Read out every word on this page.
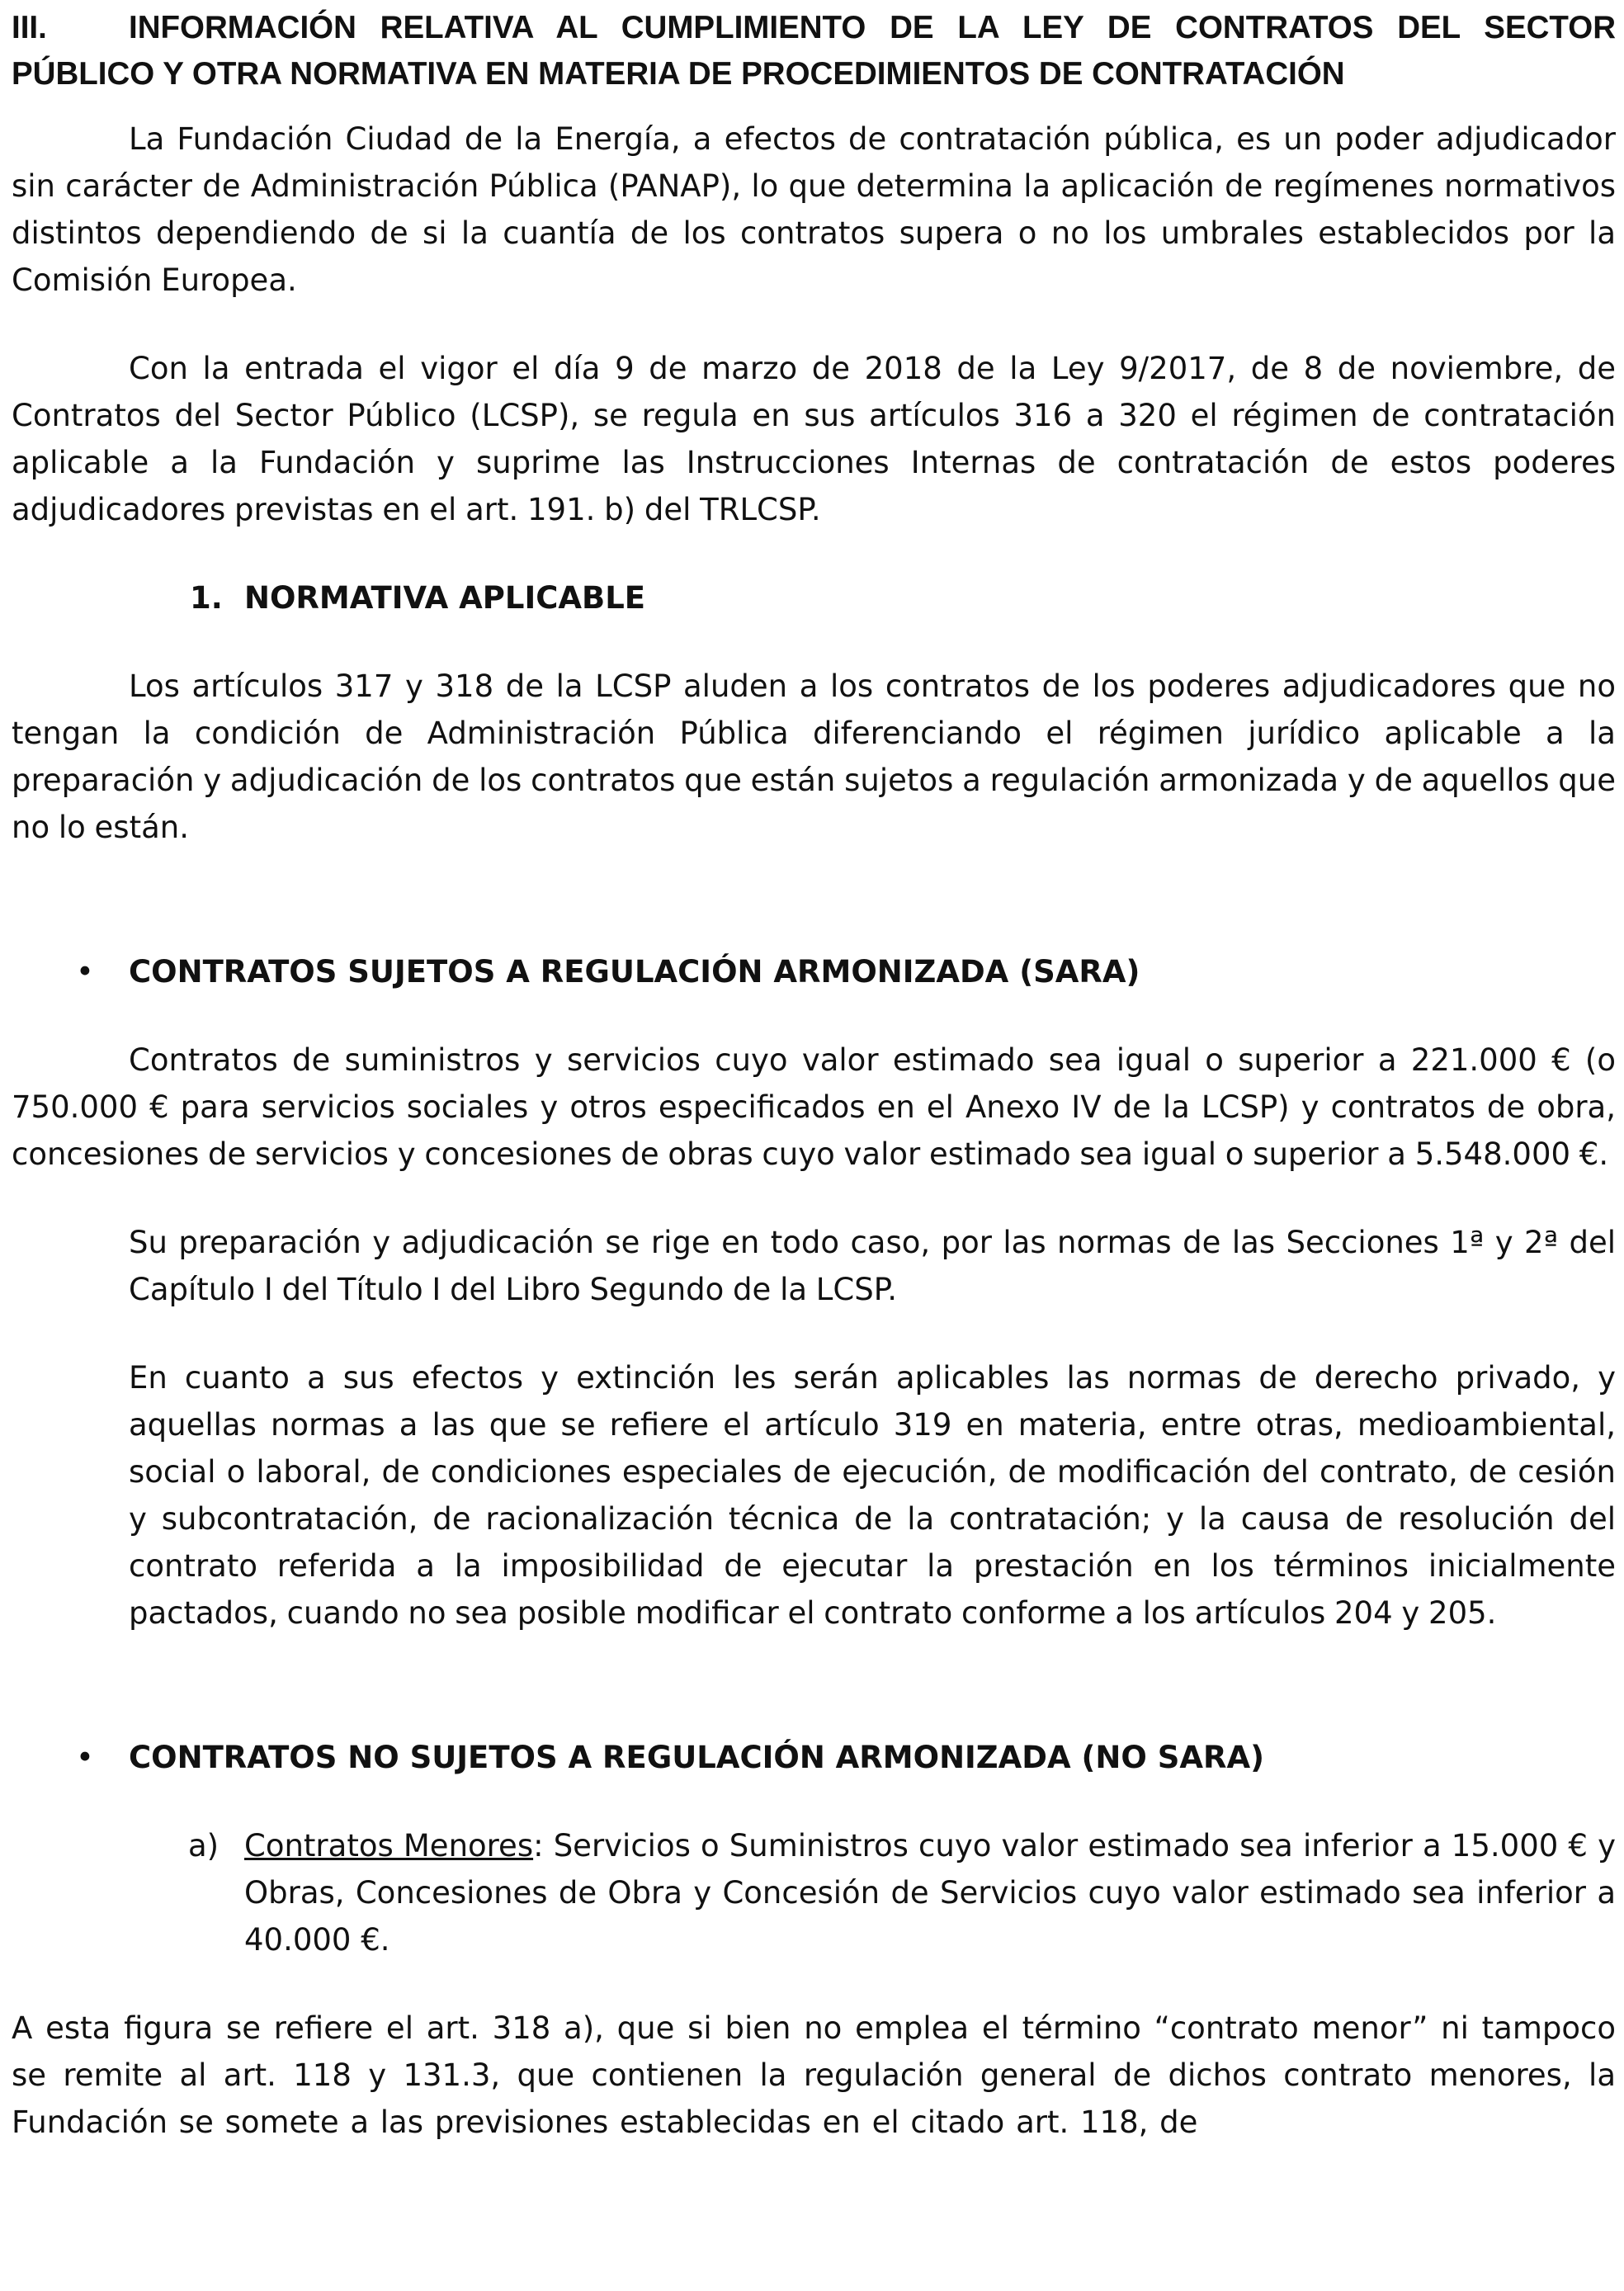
III.	INFORMACIÓN RELATIVA AL CUMPLIMIENTO DE LA LEY DE CONTRATOS DEL SECTOR PÚBLICO Y OTRA NORMATIVA EN MATERIA DE PROCEDIMIENTOS DE CONTRATACIÓN

La Fundación Ciudad de la Energía, a efectos de contratación pública, es un poder adjudicador sin carácter de Administración Pública (PANAP), lo que determina la aplicación de regímenes normativos distintos dependiendo de si la cuantía de los contratos supera o no los umbrales establecidos por la Comisión Europea.

Con la entrada el vigor el día 9 de marzo de 2018 de la Ley 9/2017, de 8 de noviembre, de Contratos del Sector Público (LCSP), se regula en sus artículos 316 a 320 el régimen de contratación aplicable a la Fundación y suprime las Instrucciones Internas de contratación de estos poderes adjudicadores previstas en el art. 191. b) del TRLCSP.

1. NORMATIVA APLICABLE

Los artículos 317 y 318 de la LCSP aluden a los contratos de los poderes adjudicadores que no tengan la condición de Administración Pública diferenciando el régimen jurídico aplicable a la preparación y adjudicación de los contratos que están sujetos a regulación armonizada y de aquellos que no lo están.

•	CONTRATOS SUJETOS A REGULACIÓN ARMONIZADA (SARA)

Contratos de suministros y servicios cuyo valor estimado sea igual o superior a 221.000 € (o 750.000 € para servicios sociales y otros especificados en el Anexo IV de la LCSP) y contratos de obra, concesiones de servicios y concesiones de obras cuyo valor estimado sea igual o superior a 5.548.000 €.

Su preparación y adjudicación se rige en todo caso, por las normas de las Secciones 1ª y 2ª del Capítulo I del Título I del Libro Segundo de la LCSP.
En cuanto a sus efectos y extinción les serán aplicables las normas de derecho privado, y aquellas normas a las que se refiere el artículo 319 en materia, entre otras, medioambiental, social o laboral, de condiciones especiales de ejecución, de modificación del contrato, de cesión y subcontratación, de racionalización técnica de la contratación; y la causa de resolución del contrato referida a la imposibilidad de ejecutar la prestación en los términos inicialmente pactados, cuando no sea posible modificar el contrato conforme a los artículos 204 y 205.
•	CONTRATOS NO SUJETOS A REGULACIÓN ARMONIZADA (NO SARA)
a) Contratos Menores: Servicios o Suministros cuyo valor estimado sea inferior a 15.000 € y Obras, Concesiones de Obra y Concesión de Servicios cuyo valor estimado sea inferior a 40.000 €.

A esta figura se refiere el art. 318 a), que si bien no emplea el término “contrato menor” ni tampoco se remite al art. 118 y 131.3, que contienen la regulación general de dichos contrato menores, la Fundación se somete a las previsiones establecidas en el citado art. 118, de
